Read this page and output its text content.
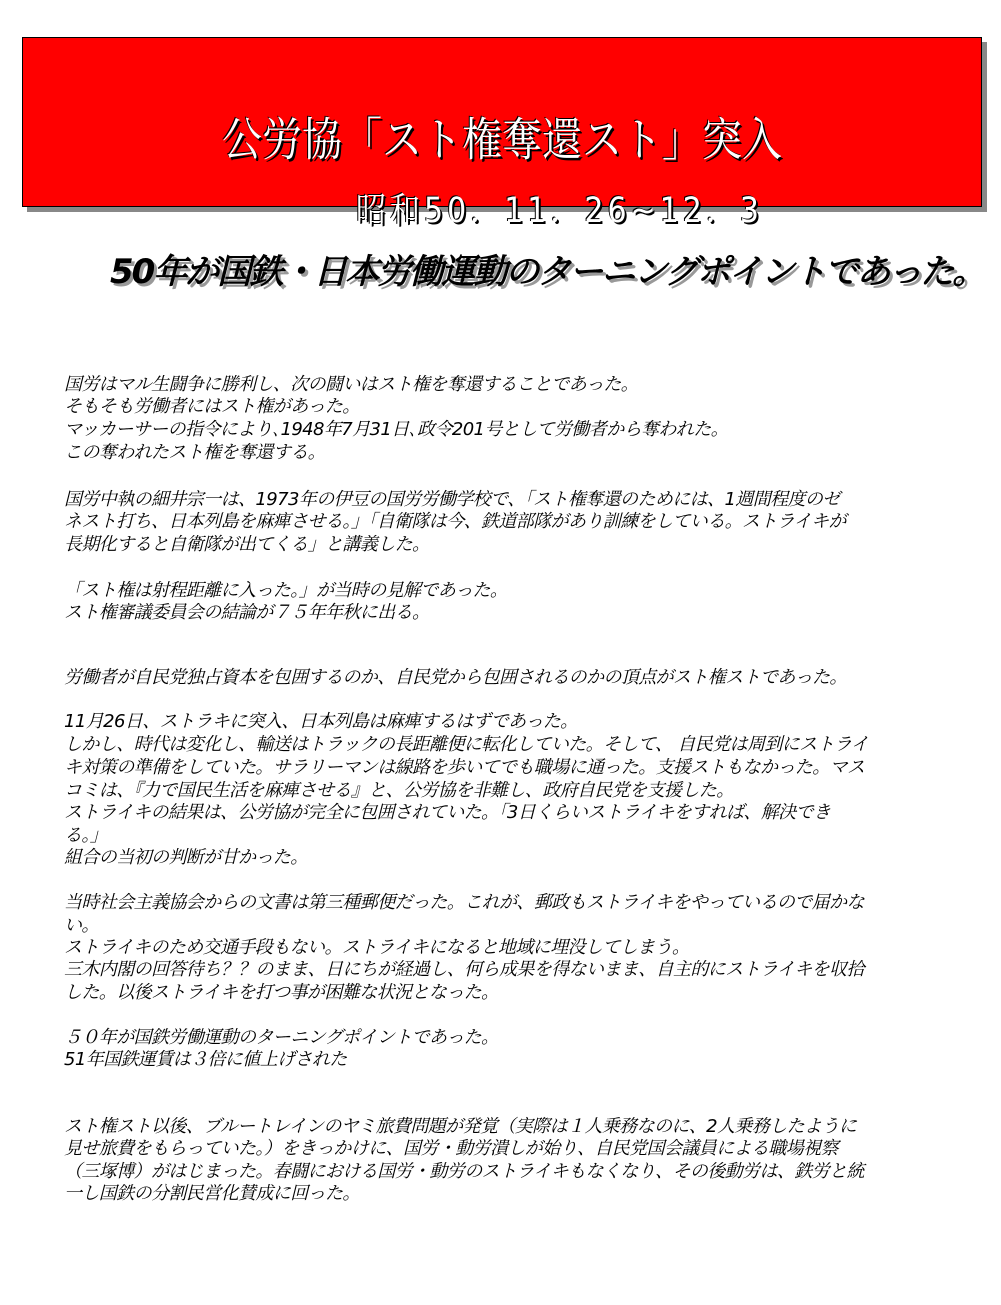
公労協「スト権奪還スト」突入
昭和50．11．26~12．3
50年が国鉄・日本労働運動のターニングポイントであった。
国労はマル生闘争に勝利し、次の闘いはスト権を奪還することであった。
そもそも労働者にはスト権があった。
マッカーサーの指令により､1948年7月31日､政令201号として労働者から奪われた。
この奪われたスト権を奪還する。
国労中執の細井宗一は、1973年の伊豆の国労労働学校で、「スト権奪還のためには、1週間程度のゼ
ネスト打ち、日本列島を麻痺させる。」「自衛隊は今、鉄道部隊があり訓練をしている。ストライキが
長期化すると自衛隊が出てくる」と講義した。
「スト権は射程距離に入った。」が当時の見解であった。
スト権審議委員会の結論が７５年年秋に出る。
労働者が自民党独占資本を包囲するのか、自民党から包囲されるのかの頂点がスト権ストであった。
11月26日、ストラキに突入、日本列島は麻痺するはずであった。
しかし、時代は変化し、輸送はトラックの長距離便に転化していた。そして、 自民党は周到にストライ
キ対策の準備をしていた。サラリーマンは線路を歩いてでも職場に通った。支援ストもなかった。マス
コミは、『力で国民生活を麻痺させる』と、公労協を非難し、政府自民党を支援した。
ストライキの結果は、公労協が完全に包囲されていた。「3日くらいストライキをすれば、解決でき
る。」
組合の当初の判断が甘かった。
当時社会主義協会からの文書は第三種郵便だった。これが、郵政もストライキをやっているので届かな
い。
ストライキのため交通手段もない。ストライキになると地域に埋没してしまう。
三木内閣の回答待ち？？のまま、日にちが経過し、何ら成果を得ないまま、自主的にストライキを収拾
した。以後ストライキを打つ事が困難な状況となった。
５０年が国鉄労働運動のターニングポイントであった。
51年国鉄運賃は３倍に値上げされた
スト権スト以後、ブルートレインのヤミ旅費問題が発覚（実際は１人乗務なのに、2人乗務したように
見せ旅費をもらっていた。）をきっかけに、国労・動労潰しが始り、自民党国会議員による職場視察
（三塚博）がはじまった。春闘における国労・動労のストライキもなくなり、その後動労は、鉄労と統
一し国鉄の分割民営化賛成に回った。
